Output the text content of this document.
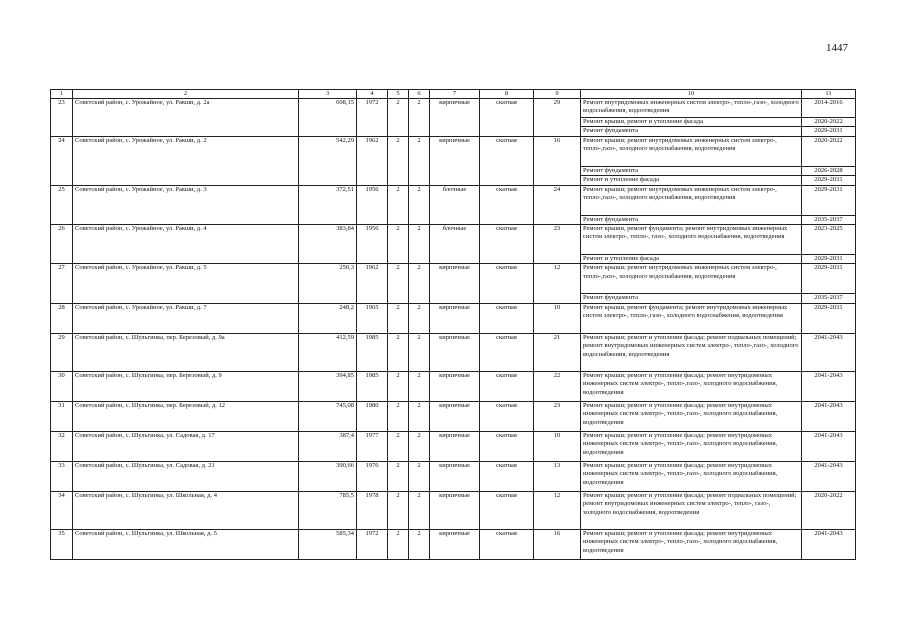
1447
1	2	3	4	5	6	7	8	9	10	11
23	Советский район, с. Урожайное, ул. Ракши, д. 2а	698,15	1972	2	2	кирпичные	скатная	29	Ремонт внутридомовых инженерных систем электро-, тепло-,газо-, холодного водоснабжения, водоотведения	2014-2016
									Ремонт крыши, ремонт и утепление фасада	2020-2022
									Ремонт фундамента	2029-2031
24	Советский район, с. Урожайное, ул. Ракши, д. 2	542,29	1962	2	2	кирпичные	скатная	16	Ремонт крыши; ремонт внутридомовых инженерных систем электро-, тепло-,газо-, холодного водоснабжения, водоотведения	2020-2022
									Ремонт фундамента	2026-2028
									Ремонт и утепление фасада	2029-2031
25	Советский район, с. Урожайное, ул. Ракши, д. 3	372,51	1956	2	2	блочные	скатная	24	Ремонт крыши; ремонт внутридомовых инженерных систем электро-, тепло-,газо-, холодного водоснабжения, водоотведения	2029-2031
									Ремонт фундамента	2035-2037
26	Советский район, с. Урожайное, ул. Ракши, д. 4	383,84	1956	2	2	блочные	скатная	23	Ремонт крыши, ремонт фундамента; ремонт внутридомовых инженерных систем электро-, тепло-, газо-, холодного водоснабжения, водоотведения	2023-2025
									Ремонт и утепление фасада	2029-2031
27	Советский район, с. Урожайное, ул. Ракши, д. 5	250,3	1962	2	2	кирпичные	скатная	12	Ремонт крыши; ремонт внутридомовых инженерных систем электро-, тепло-,газо-, холодного водоснабжения, водоотведения	2029-2031
									Ремонт фундамента	2035-2037
28	Советский район, с. Урожайное, ул. Ракши, д. 7	248,2	1965	2	2	кирпичные	скатная	10	Ремонт крыши, ремонт фундамента; ремонт внутридомовых инженерных систем электро-, тепло-,газо-, холодного водоснабжения, водоотведения	2029-2031
29	Советский район, с. Шульгинка, пер. Березовый, д. 9а	412,59	1985	2	2	кирпичные	скатная	21	Ремонт крыши; ремонт и утепление фасада; ремонт подвальных помещений; ремонт внутридомовых инженерных систем электро-, тепло-,газо-, холодного водоснабжения, водоотведения	2041-2043
30	Советский район, с. Шульгинка, пер. Березовый, д. 9	394,85	1985	2	2	кирпичные	скатная	22	Ремонт крыши; ремонт и утепление фасада; ремонт внутридомовых инженерных систем электро-, тепло-,газо-, холодного водоснабжения, водоотведения	2041-2043
31	Советский район, с. Шульгинка, пер. Березовый, д. 12	745,08	1980	2	2	кирпичные	скатная	23	Ремонт крыши; ремонт и утепление фасада; ремонт внутридомовых инженерных систем электро-, тепло-,газо-, холодного водоснабжения, водоотведения	2041-2043
32	Советский район, с. Шульгинка, ул. Садовая, д. 17	387,4	1977	2	2	кирпичные	скатная	10	Ремонт крыши; ремонт и утепление фасада; ремонт внутридомовых инженерных систем электро-, тепло-,газо-, холодного водоснабжения, водоотведения	2041-2043
33	Советский район, с. Шульгинка, ул. Садовая, д. 21	390,66	1976	2	2	кирпичные	скатная	13	Ремонт крыши; ремонт и утепление фасада; ремонт внутридомовых инженерных систем электро-, тепло-,газо-, холодного водоснабжения, водоотведения	2041-2043
34	Советский район, с. Шульгинка, ул. Школьная, д. 4	785,5	1978	2	2	кирпичные	скатная	12	Ремонт крыши; ремонт и утепление фасада; ремонт подвальных помещений; ремонт внутридомовых инженерных систем электро-, тепло-, газо-, холодного водоснабжения, водоотведения	2020-2022
35	Советский район, с. Шульгинка, ул. Школьная, д. 5	585,34	1972	2	2	кирпичные	скатная	16	Ремонт крыши; ремонт и утепление фасада; ремонт внутридомовых инженерных систем электро-, тепло-,газо-, холодного водоснабжения, водоотведения	2041-2043
